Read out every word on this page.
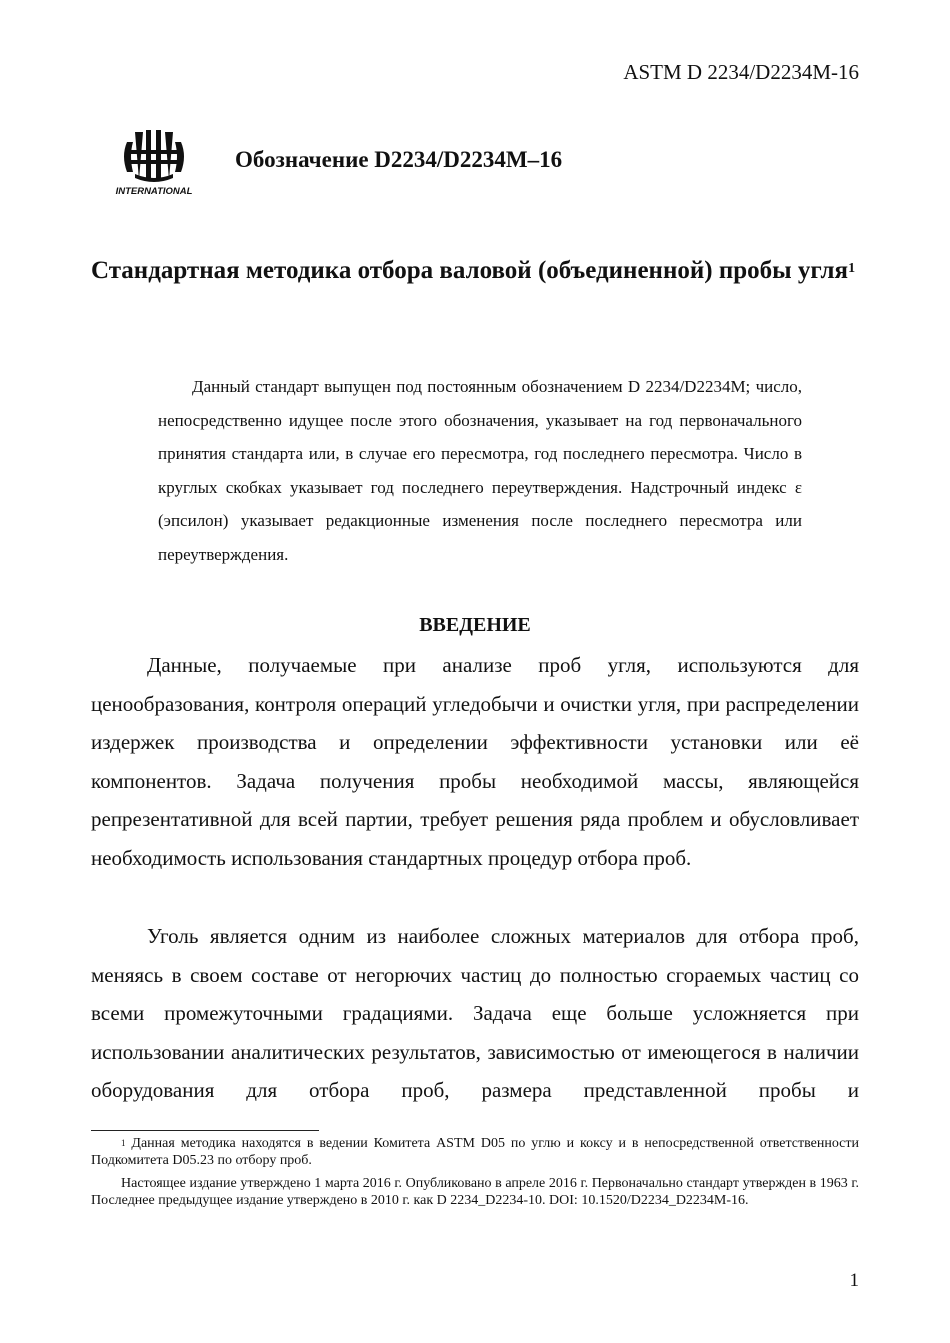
ASTM D 2234/D2234M-16
INTERNATIONAL
Обозначение D2234/D2234M–16
Стандартная методика отбора валовой (объединенной) пробы угля$^1$
Данный стандарт выпущен под постоянным обозначением D 2234/D2234M; число, непосредственно идущее после этого обозначения, указывает на год первоначального принятия стандарта или, в случае его пересмотра, год последнего пересмотра. Число в круглых скобках указывает год последнего переутверждения. Надстрочный индекс ε (эпсилон) указывает редакционные изменения после последнего пересмотра или переутверждения.
ВВЕДЕНИЕ

Данные, получаемые при анализе проб угля, используются для ценообразования, контроля операций угледобычи и очистки угля, при распределении издержек производства и определении эффективности установки или её компонентов. Задача получения пробы необходимой массы, являющейся репрезентативной для всей партии, требует решения ряда проблем и обусловливает необходимость использования стандартных процедур отбора проб.

Уголь является одним из наиболее сложных материалов для отбора проб, меняясь в своем составе от негорючих частиц до полностью сгораемых частиц со всеми промежуточными градациями. Задача еще больше усложняется при использовании аналитических результатов, зависимостью от имеющегося в наличии оборудования для отбора проб, размера представленной пробы и

$^1$ Данная методика находятся в ведении Комитета ASTM D05 по углю и коксу и в непосредственной ответственности Подкомитета D05.23 по отбору проб.

Настоящее издание утверждено 1 марта 2016 г. Опубликовано в апреле 2016 г. Первоначально стандарт утвержден в 1963 г. Последнее предыдущее издание утверждено в 2010 г. как D 2234_D2234-10. DOI: 10.1520/D2234_D2234M-16.

1
